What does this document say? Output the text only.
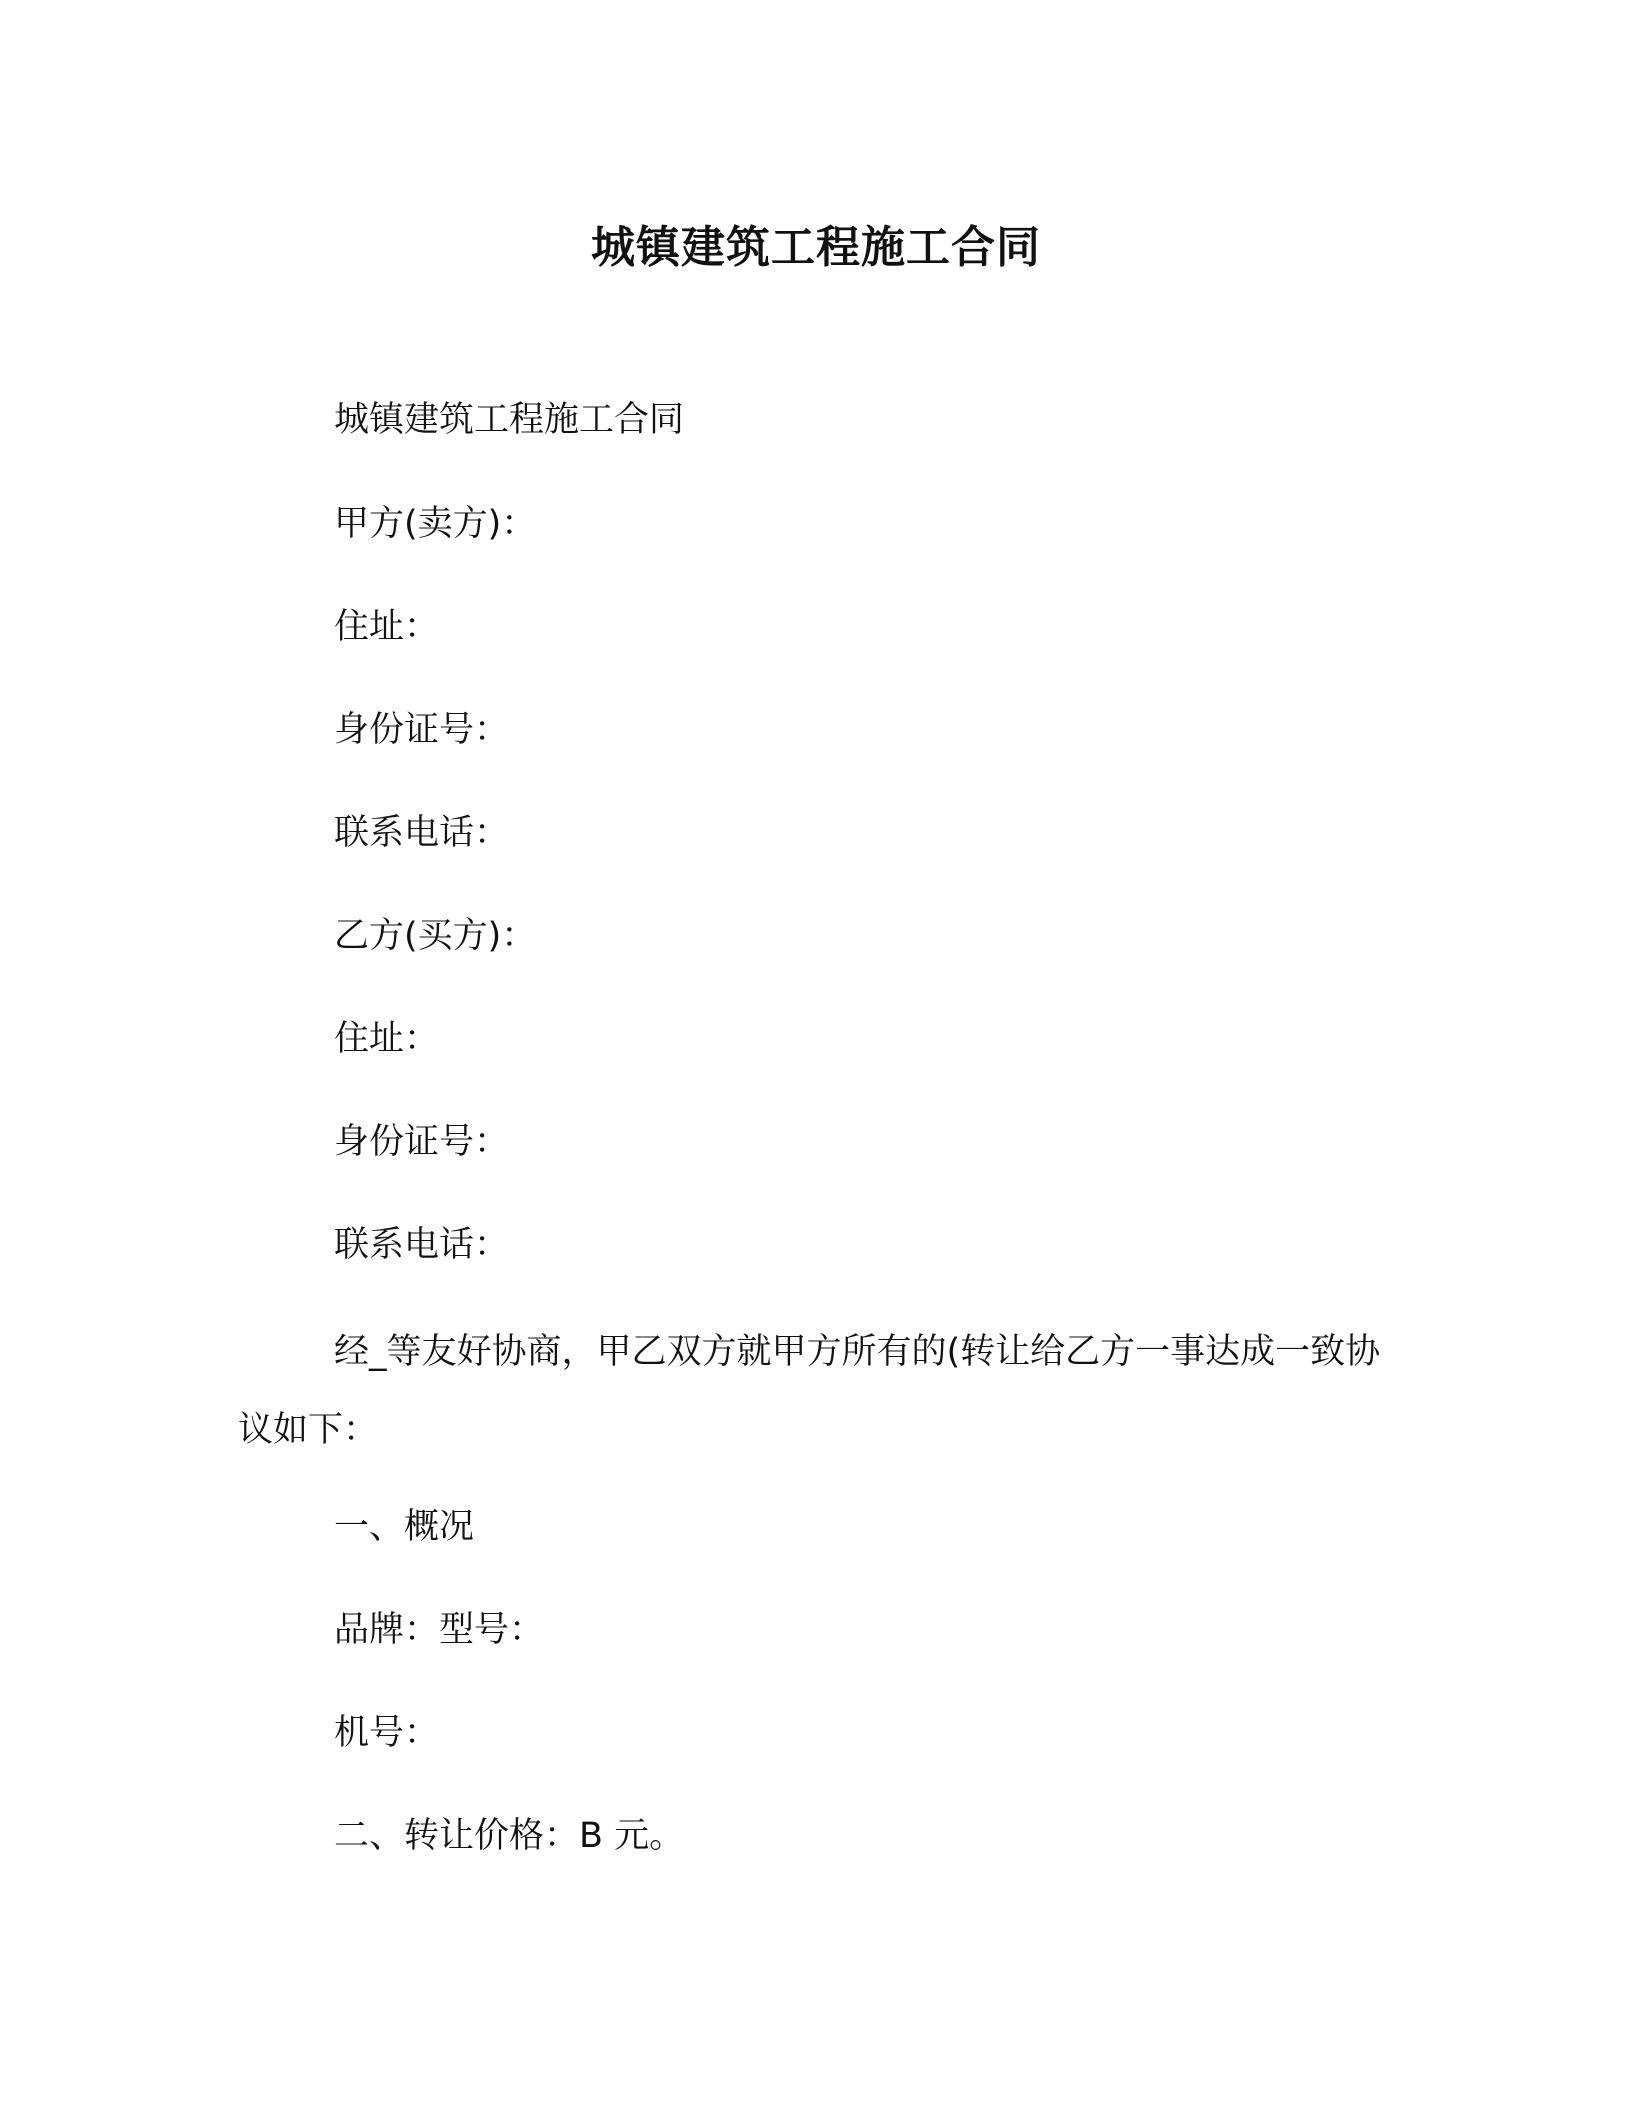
城镇建筑工程施工合同
城镇建筑工程施工合同
甲方(卖方)：
住址：
身份证号：
联系电话：
乙方(买方)：
住址：
身份证号：
联系电话：
经_等友好协商，甲乙双方就甲方所有的(转让给乙方一事达成一致协议如下：
一、概况
品牌：型号：
机号：
二、转让价格：B 元。
